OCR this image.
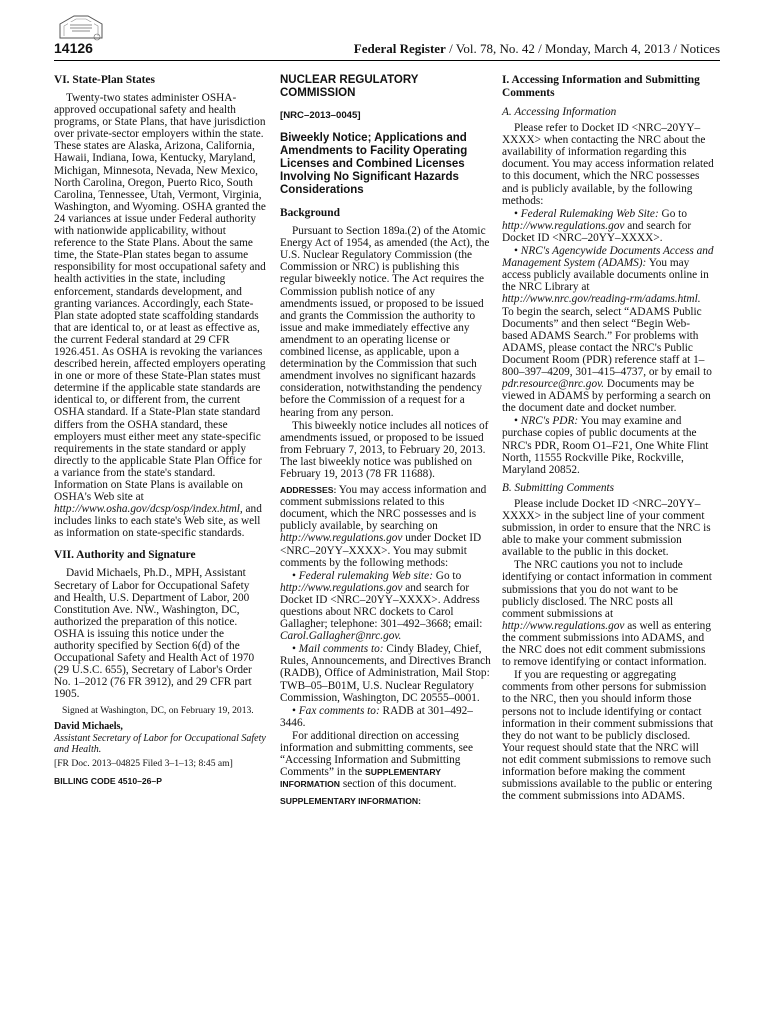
14126	Federal Register / Vol. 78, No. 42 / Monday, March 4, 2013 / Notices
VI. State-Plan States

Twenty-two states administer OSHA-approved occupational safety and health programs, or State Plans, that have jurisdiction over private-sector employers within the state. These states are Alaska, Arizona, California, Hawaii, Indiana, Iowa, Kentucky, Maryland, Michigan, Minnesota, Nevada, New Mexico, North Carolina, Oregon, Puerto Rico, South Carolina, Tennessee, Utah, Vermont, Virginia, Washington, and Wyoming. OSHA granted the 24 variances at issue under Federal authority with nationwide applicability, without reference to the State Plans. About the same time, the State-Plan states began to assume responsibility for most occupational safety and health activities in the state, including enforcement, standards development, and granting variances. Accordingly, each State-Plan state adopted state scaffolding standards that are identical to, or at least as effective as, the current Federal standard at 29 CFR 1926.451. As OSHA is revoking the variances described herein, affected employers operating in one or more of these State-Plan states must determine if the applicable state standards are identical to, or different from, the current OSHA standard. If a State-Plan state standard differs from the OSHA standard, these employers must either meet any state-specific requirements in the state standard or apply directly to the applicable State Plan Office for a variance from the state's standard. Information on State Plans is available on OSHA's Web site at http://www.osha.gov/dcsp/osp/index.html, and includes links to each state's Web site, as well as information on state-specific standards.

VII. Authority and Signature

David Michaels, Ph.D., MPH, Assistant Secretary of Labor for Occupational Safety and Health, U.S. Department of Labor, 200 Constitution Ave. NW., Washington, DC, authorized the preparation of this notice. OSHA is issuing this notice under the authority specified by Section 6(d) of the Occupational Safety and Health Act of 1970 (29 U.S.C. 655), Secretary of Labor's Order No. 1–2012 (76 FR 3912), and 29 CFR part 1905.

Signed at Washington, DC, on February 19, 2013.

David Michaels,
Assistant Secretary of Labor for Occupational Safety and Health.
[FR Doc. 2013–04825 Filed 3–1–13; 8:45 am]
BILLING CODE 4510–26–P
NUCLEAR REGULATORY COMMISSION
[NRC–2013–0045]
Biweekly Notice; Applications and Amendments to Facility Operating Licenses and Combined Licenses Involving No Significant Hazards Considerations
Background

Pursuant to Section 189a.(2) of the Atomic Energy Act of 1954, as amended (the Act), the U.S. Nuclear Regulatory Commission (the Commission or NRC) is publishing this regular biweekly notice. The Act requires the Commission publish notice of any amendments issued, or proposed to be issued and grants the Commission the authority to issue and make immediately effective any amendment to an operating license or combined license, as applicable, upon a determination by the Commission that such amendment involves no significant hazards consideration, notwithstanding the pendency before the Commission of a request for a hearing from any person.

This biweekly notice includes all notices of amendments issued, or proposed to be issued from February 7, 2013, to February 20, 2013. The last biweekly notice was published on February 19, 2013 (78 FR 11688).

ADDRESSES: You may access information and comment submissions related to this document, which the NRC possesses and is publicly available, by searching on http://www.regulations.gov under Docket ID <NRC–20YY–XXXX>. You may submit comments by the following methods:

• Federal rulemaking Web site: Go to http://www.regulations.gov and search for Docket ID <NRC–20YY–XXXX>. Address questions about NRC dockets to Carol Gallagher; telephone: 301–492–3668; email: Carol.Gallagher@nrc.gov.

• Mail comments to: Cindy Bladey, Chief, Rules, Announcements, and Directives Branch (RADB), Office of Administration, Mail Stop: TWB–05–B01M, U.S. Nuclear Regulatory Commission, Washington, DC 20555–0001.

• Fax comments to: RADB at 301–492–3446.

For additional direction on accessing information and submitting comments, see “Accessing Information and Submitting Comments” in the SUPPLEMENTARY INFORMATION section of this document.

SUPPLEMENTARY INFORMATION:
I. Accessing Information and Submitting Comments
A. Accessing Information

Please refer to Docket ID <NRC–20YY–XXXX> when contacting the NRC about the availability of information regarding this document. You may access information related to this document, which the NRC possesses and is publicly available, by the following methods:

• Federal Rulemaking Web Site: Go to http://www.regulations.gov and search for Docket ID <NRC–20YY–XXXX>.

• NRC's Agencywide Documents Access and Management System (ADAMS): You may access publicly available documents online in the NRC Library at http://www.nrc.gov/reading-rm/adams.html. To begin the search, select “ADAMS Public Documents” and then select “Begin Web-based ADAMS Search.” For problems with ADAMS, please contact the NRC's Public Document Room (PDR) reference staff at 1–800–397–4209, 301–415–4737, or by email to pdr.resource@nrc.gov. Documents may be viewed in ADAMS by performing a search on the document date and docket number.

• NRC's PDR: You may examine and purchase copies of public documents at the NRC's PDR, Room O1–F21, One White Flint North, 11555 Rockville Pike, Rockville, Maryland 20852.

B. Submitting Comments

Please include Docket ID <NRC–20YY–XXXX> in the subject line of your comment submission, in order to ensure that the NRC is able to make your comment submission available to the public in this docket.

The NRC cautions you not to include identifying or contact information in comment submissions that you do not want to be publicly disclosed. The NRC posts all comment submissions at http://www.regulations.gov as well as entering the comment submissions into ADAMS, and the NRC does not edit comment submissions to remove identifying or contact information.

If you are requesting or aggregating comments from other persons for submission to the NRC, then you should inform those persons not to include identifying or contact information in their comment submissions that they do not want to be publicly disclosed. Your request should state that the NRC will not edit comment submissions to remove such information before making the comment submissions available to the public or entering the comment submissions into ADAMS.
